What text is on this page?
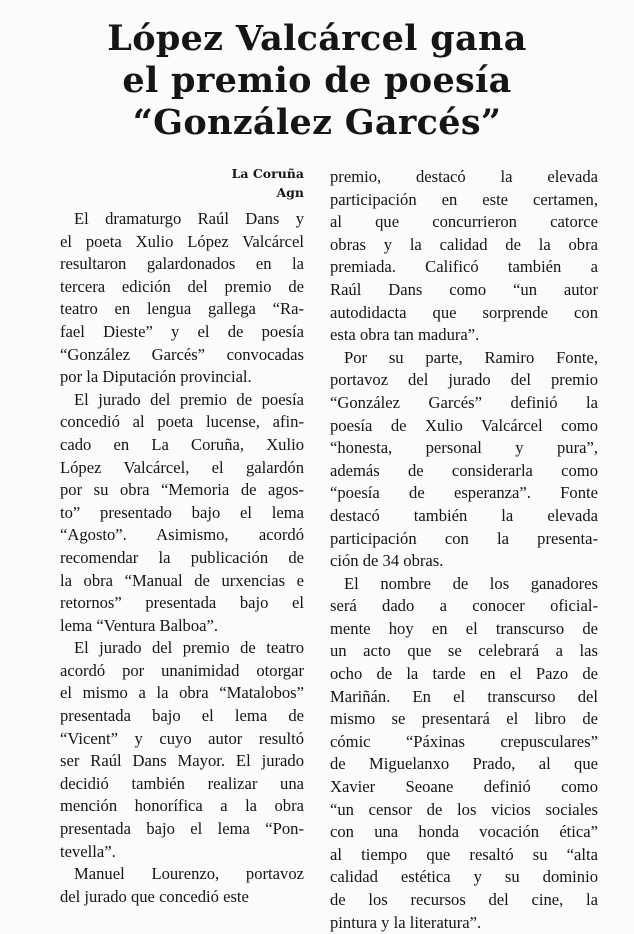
López Valcárcel gana
el premio de poesía
“González Garcés”
La Coruña
Agn
El dramaturgo Raúl Dans y
el poeta Xulio López Valcárcel
resultaron galardonados en la
tercera edición del premio de
teatro en lengua gallega “Ra-
fael Dieste” y el de poesía
“González Garcés” convocadas
por la Diputación provincial.
El jurado del premio de poesía
concedió al poeta lucense, afin-
cado en La Coruña, Xulio
López Valcárcel, el galardón
por su obra “Memoria de agos-
to” presentado bajo el lema
“Agosto”. Asimismo, acordó
recomendar la publicación de
la obra “Manual de urxencias e
retornos” presentada bajo el
lema “Ventura Balboa”.
El jurado del premio de teatro
acordó por unanimidad otorgar
el mismo a la obra “Matalobos”
presentada bajo el lema de
“Vicent” y cuyo autor resultó
ser Raúl Dans Mayor. El jurado
decidió también realizar una
mención honorífica a la obra
presentada bajo el lema “Pon-
tevella”.
Manuel Lourenzo, portavoz
del jurado que concedió este
premio, destacó la elevada
participación en este certamen,
al que concurrieron catorce
obras y la calidad de la obra
premiada. Calificó también a
Raúl Dans como “un autor
autodidacta que sorprende con
esta obra tan madura”.
Por su parte, Ramiro Fonte,
portavoz del jurado del premio
“González Garcés” definió la
poesía de Xulio Valcárcel como
“honesta, personal y pura”,
además de considerarla como
“poesía de esperanza”. Fonte
destacó también la elevada
participación con la presenta-
ción de 34 obras.
El nombre de los ganadores
será dado a conocer oficial-
mente hoy en el transcurso de
un acto que se celebrará a las
ocho de la tarde en el Pazo de
Mariñán. En el transcurso del
mismo se presentará el libro de
cómic “Páxinas crepusculares”
de Miguelanxo Prado, al que
Xavier Seoane definió como
“un censor de los vicios sociales
con una honda vocación ética”
al tiempo que resaltó su “alta
calidad estética y su dominio
de los recursos del cine, la
pintura y la literatura”.
